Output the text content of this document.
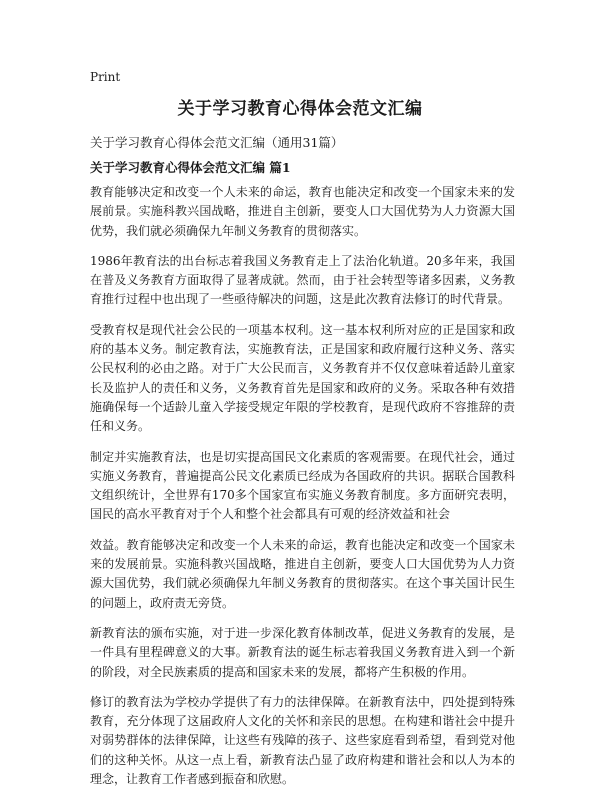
Print
关于学习教育心得体会范文汇编

关于学习教育心得体会范文汇编（通用31篇）

关于学习教育心得体会范文汇编 篇1

教育能够决定和改变一个人未来的命运，教育也能决定和改变一个国家未来的发展前景。实施科教兴国战略，推进自主创新，要变人口大国优势为人力资源大国优势，我们就必须确保九年制义务教育的贯彻落实。

1986年教育法的出台标志着我国义务教育走上了法治化轨道。20多年来，我国在普及义务教育方面取得了显著成就。然而，由于社会转型等诸多因素，义务教育推行过程中也出现了一些亟待解决的问题，这是此次教育法修订的时代背景。

受教育权是现代社会公民的一项基本权利。这一基本权利所对应的正是国家和政府的基本义务。制定教育法，实施教育法，正是国家和政府履行这种义务、落实公民权利的必由之路。对于广大公民而言，义务教育并不仅仅意味着适龄儿童家长及监护人的责任和义务，义务教育首先是国家和政府的义务。采取各种有效措施确保每一个适龄儿童入学接受规定年限的学校教育，是现代政府不容推辞的责任和义务。

制定并实施教育法，也是切实提高国民文化素质的客观需要。在现代社会，通过实施义务教育，普遍提高公民文化素质已经成为各国政府的共识。据联合国教科文组织统计，全世界有170多个国家宣布实施义务教育制度。多方面研究表明，国民的高水平教育对于个人和整个社会都具有可观的经济效益和社会

效益。教育能够决定和改变一个人未来的命运，教育也能决定和改变一个国家未来的发展前景。实施科教兴国战略，推进自主创新，要变人口大国优势为人力资源大国优势，我们就必须确保九年制义务教育的贯彻落实。在这个事关国计民生的问题上，政府责无旁贷。

新教育法的颁布实施，对于进一步深化教育体制改革，促进义务教育的发展，是一件具有里程碑意义的大事。新教育法的诞生标志着我国义务教育进入到一个新的阶段，对全民族素质的提高和国家未来的发展，都将产生积极的作用。

修订的教育法为学校办学提供了有力的法律保障。在新教育法中，四处提到特殊教育，充分体现了这届政府人文化的关怀和亲民的思想。在构建和谐社会中提升对弱势群体的法律保障，让这些有残障的孩子、这些家庭看到希望，看到党对他们的这种关怀。从这一点上看，新教育法凸显了政府构建和谐社会和以人为本的理念，让教育工作者感到振奋和欣慰。
